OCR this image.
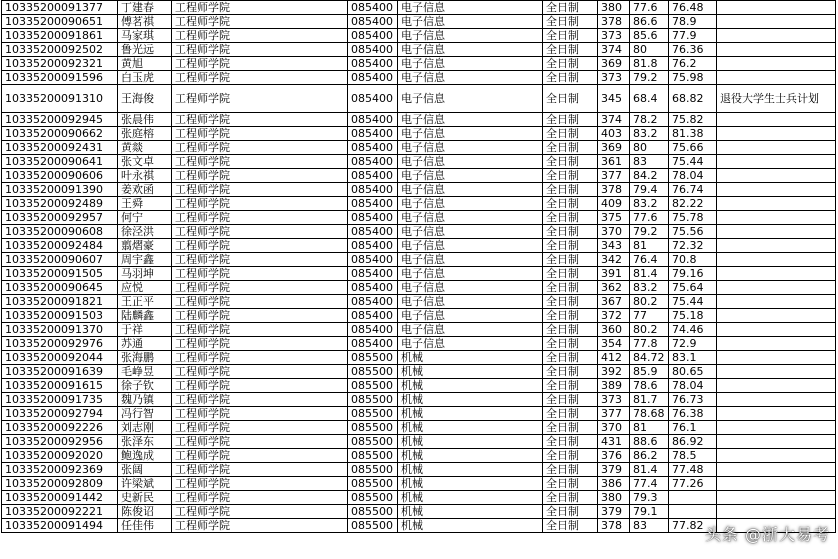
10335200091377	丁建春	工程师学院	085400	电子信息	全日制	380	77.6	76.48	
10335200090651	傅茗祺	工程师学院	085400	电子信息	全日制	378	86.6	78.9	
10335200091861	马家琪	工程师学院	085400	电子信息	全日制	373	85.6	77.9	
10335200092502	鲁光远	工程师学院	085400	电子信息	全日制	374	80	76.36	
10335200092321	黄旭	工程师学院	085400	电子信息	全日制	369	81.8	76.2	
10335200091596	白玉虎	工程师学院	085400	电子信息	全日制	373	79.2	75.98	
10335200091310	王海俊	工程师学院	085400	电子信息	全日制	345	68.4	68.82	退役大学生士兵计划
10335200092945	张晨伟	工程师学院	085400	电子信息	全日制	374	78.2	75.82	
10335200090662	张庭榕	工程师学院	085400	电子信息	全日制	403	83.2	81.38	
10335200092431	黄燚	工程师学院	085400	电子信息	全日制	369	80	75.66	
10335200090641	张文卓	工程师学院	085400	电子信息	全日制	361	83	75.44	
10335200090606	叶永祺	工程师学院	085400	电子信息	全日制	377	84.2	78.04	
10335200091390	姜欢函	工程师学院	085400	电子信息	全日制	378	79.4	76.74	
10335200092489	王舜	工程师学院	085400	电子信息	全日制	409	83.2	82.22	
10335200092957	何宁	工程师学院	085400	电子信息	全日制	375	77.6	75.78	
10335200090608	徐泾洪	工程师学院	085400	电子信息	全日制	370	79.2	75.56	
10335200092484	翦熠豪	工程师学院	085400	电子信息	全日制	343	81	72.32	
10335200090607	周宇鑫	工程师学院	085400	电子信息	全日制	342	76.4	70.8	
10335200091505	马羽坤	工程师学院	085400	电子信息	全日制	391	81.4	79.16	
10335200090645	应悦	工程师学院	085400	电子信息	全日制	362	83.2	75.64	
10335200091821	王正平	工程师学院	085400	电子信息	全日制	367	80.2	75.44	
10335200091503	陆麟鑫	工程师学院	085400	电子信息	全日制	372	77	75.18	
10335200091370	于祥	工程师学院	085400	电子信息	全日制	360	80.2	74.46	
10335200092976	苏通	工程师学院	085400	电子信息	全日制	354	77.8	72.9	
10335200092044	张海鹏	工程师学院	085500	机械	全日制	412	84.72	83.1	
10335200091639	毛峥昱	工程师学院	085500	机械	全日制	392	85.9	80.65	
10335200091615	徐子钦	工程师学院	085500	机械	全日制	389	78.6	78.04	
10335200091735	魏乃镇	工程师学院	085500	机械	全日制	373	81.7	76.73	
10335200092794	冯行智	工程师学院	085500	机械	全日制	377	78.68	76.38	
10335200092226	刘志刚	工程师学院	085500	机械	全日制	370	81	76.1	
10335200092956	张泽东	工程师学院	085500	机械	全日制	431	88.6	86.92	
10335200092020	鲍逸成	工程师学院	085500	机械	全日制	376	86.2	78.5	
10335200092369	张阔	工程师学院	085500	机械	全日制	379	81.4	77.48	
10335200092809	许梁斌	工程师学院	085500	机械	全日制	386	77.4	77.26	
10335200091442	史新民	工程师学院	085500	机械	全日制	380	79.3		
10335200092221	陈俊诏	工程师学院	085500	机械	全日制	379	79.1		
10335200091494	任佳伟	工程师学院	085500	机械	全日制	378	83	77.82	头条 @浙大易考
